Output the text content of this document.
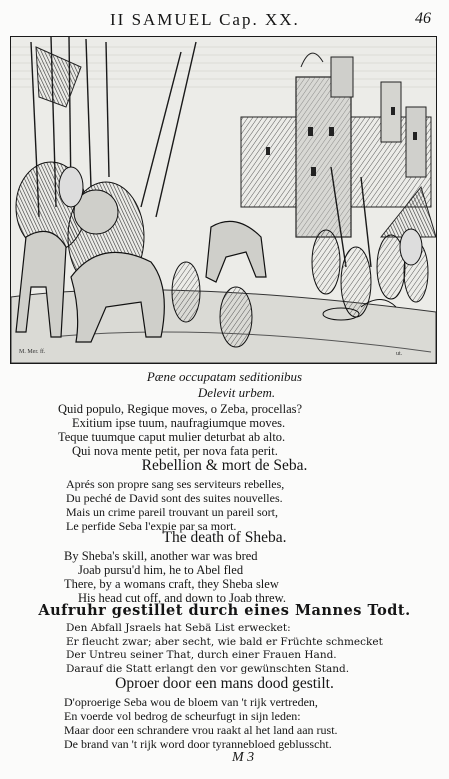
II SAMUEL Cap. XX.	46
M. Mer. ff.	ut.
Pæne occupatam seditionibus
Delevit urbem.
Quid populo, Regique moves, o Zeba, procellas?
Exitium ipse tuum, naufragiumque moves.
Teque tuumque caput mulier deturbat ab alto.
Qui nova mente petit, per nova fata perit.
Rebellion & mort de Seba.
Aprés son propre sang ses serviteurs rebelles,
Du peché de David sont des suites nouvelles.
Mais un crime pareil trouvant un pareil sort,
Le perfide Seba l'expie par sa mort.
The death of Sheba.
By Sheba's skill, another war was bred
Joab pursu'd him, he to Abel fled
There, by a womans craft, they Sheba slew
His head cut off, and down to Joab threw.
Aufruhr gestillet durch eines Mannes Todt.
Den Abfall Jsraels hat Sebä List erwecket:
Er fleucht zwar; aber secht, wie bald er Früchte schmecket
Der Untreu seiner That, durch einer Frauen Hand.
Darauf die Statt erlangt den vor gewünschten Stand.
Oproer door een mans dood gestilt.
D'oproerige Seba wou de bloem van 't rijk vertreden,
En voerde vol bedrog de scheurfugt in sijn leden:
Maar door een schrandere vrou raakt al het land aan rust.
De brand van 't rijk word door tyrannebloed geblusscht.
M 3
